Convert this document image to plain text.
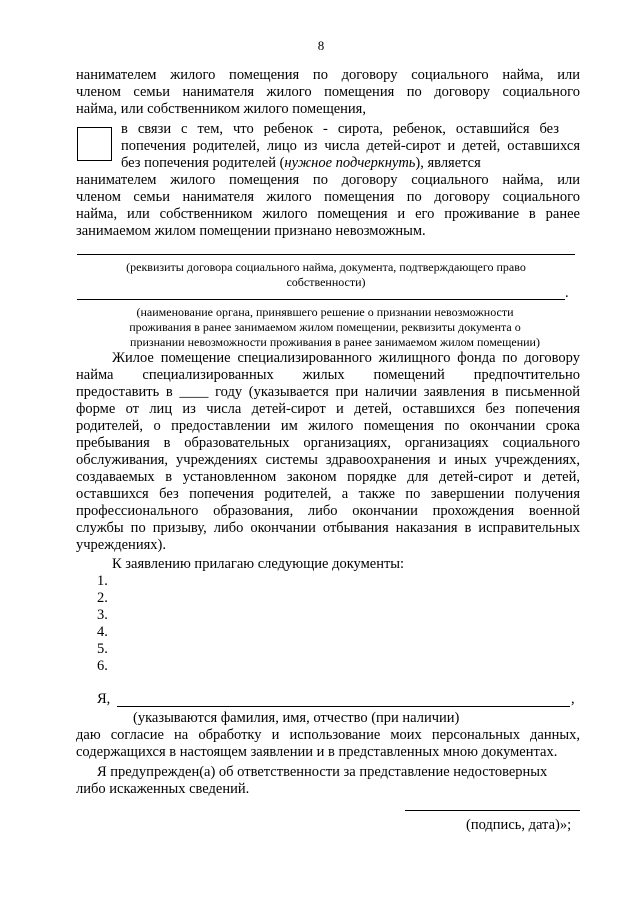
8
нанимателем жилого помещения по договору социального найма, или
членом семьи нанимателя жилого помещения по договору социального
найма, или собственником жилого помещения,
в связи с тем, что ребенок - сирота, ребенок, оставшийся без
попечения родителей, лицо из числа детей-сирот и детей, оставшихся
без попечения родителей (нужное подчеркнуть), является
нанимателем жилого помещения по договору социального найма, или
членом семьи нанимателя жилого помещения по договору социального
найма, или собственником жилого помещения и его проживание в ранее
занимаемом жилом помещении признано невозможным.
(реквизиты договора социального найма, документа, подтверждающего право
собственности)
.
(наименование органа, принявшего решение о признании невозможности
проживания в ранее занимаемом жилом помещении, реквизиты документа о
признании невозможности проживания в ранее занимаемом жилом помещении)
Жилое помещение специализированного жилищного фонда по договору
найма специализированных жилых помещений предпочтительно
предоставить в ____ году (указывается при наличии заявления в письменной
форме от лиц из числа детей-сирот и детей, оставшихся без попечения
родителей, о предоставлении им жилого помещения по окончании срока
пребывания в образовательных организациях, организациях социального
обслуживания, учреждениях системы здравоохранения и иных учреждениях,
создаваемых в установленном законом порядке для детей-сирот и детей,
оставшихся без попечения родителей, а также по завершении получения
профессионального образования, либо окончании прохождения военной
службы по призыву, либо окончании отбывания наказания в исправительных
учреждениях).
К заявлению прилагаю следующие документы:
1.
2.
3.
4.
5.
6.
Я,	,
(указываются фамилия, имя, отчество (при наличии)
даю согласие на обработку и использование моих персональных данных,
содержащихся в настоящем заявлении и в представленных мною документах.
Я предупрежден(а) об ответственности за представление недостоверных
либо искаженных сведений.
(подпись, дата)»;
